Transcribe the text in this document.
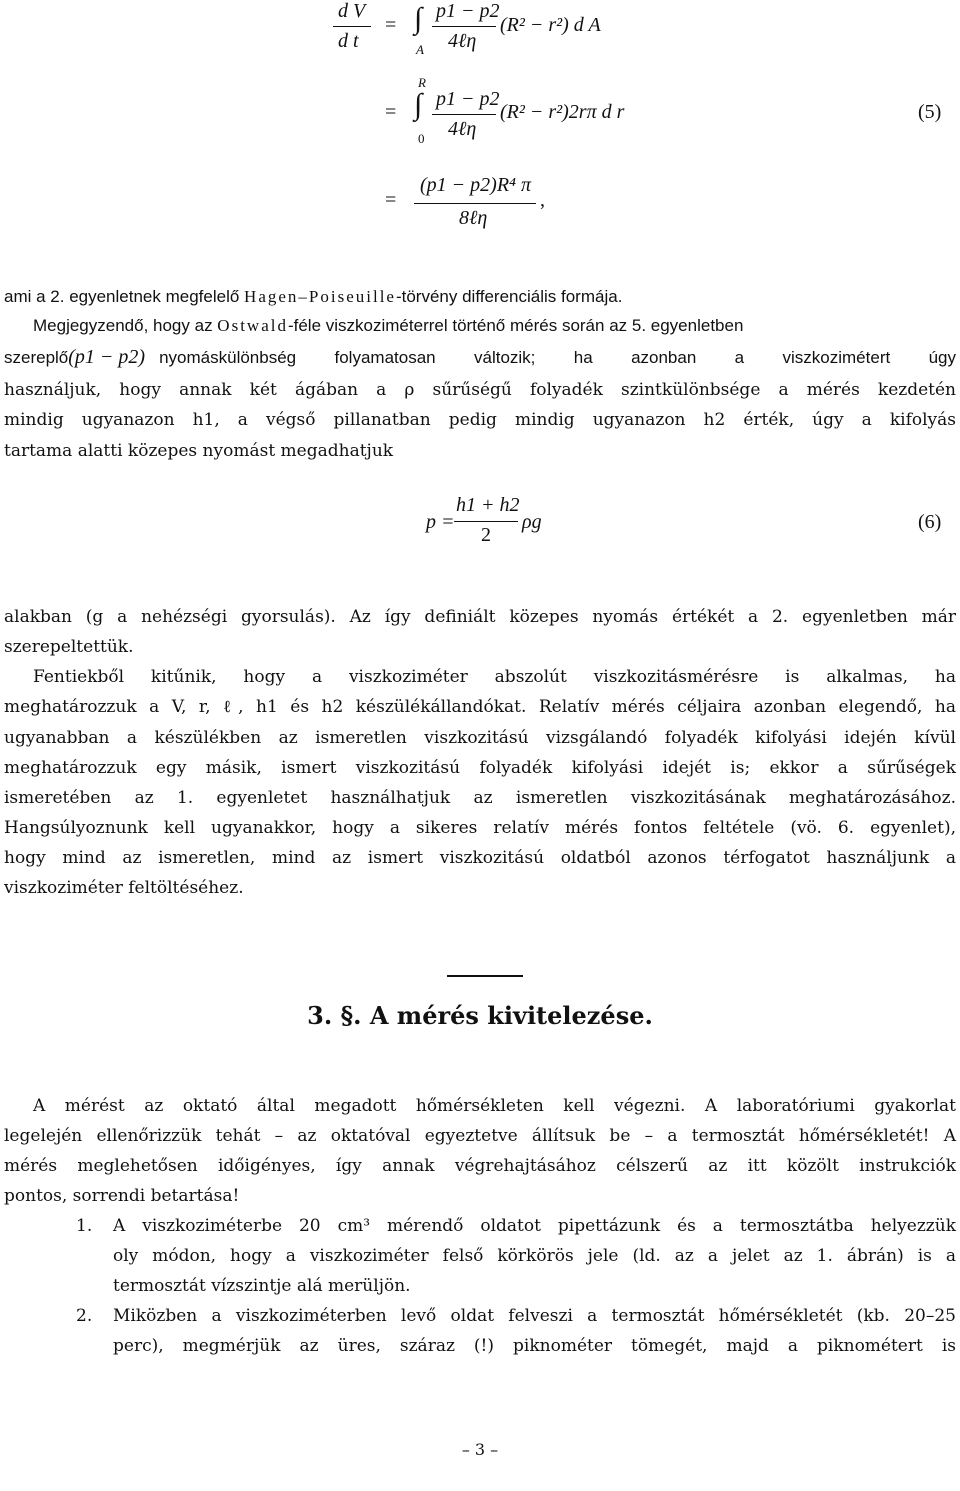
d V
d t
= ∫
A
p1 − p2
4ℓη
(R² − r²) d A
R
= ∫
0
p1 − p2
4ℓη
(R² − r²)2rπ d r	(5)
=
(p1 − p2)R⁴ π
8ℓη
,
ami a 2. egyenletnek megfelelő Hagen–Poiseuille-törvény differenciális formája.
Megjegyzendő, hogy az Ostwald-féle viszkoziméterrel történő mérés során az 5. egyenletben
szereplő (p1 − p2) nyomáskülönbség folyamatosan változik; ha azonban a viszkozimétert úgy
használjuk, hogy annak két ágában a ρ sűrűségű folyadék szintkülönbsége a mérés kezdetén
mindig ugyanazon h1, a végső pillanatban pedig mindig ugyanazon h2 érték, úgy a kifolyás
tartama alatti közepes nyomást megadhatjuk
p =
h1 + h2
2
ρg	(6)
alakban (g a nehézségi gyorsulás). Az így definiált közepes nyomás értékét a 2. egyenletben már
szerepeltettük.
Fentiekből kitűnik, hogy a viszkoziméter abszolút viszkozitásmérésre is alkalmas, ha
meghatározzuk a V, r, ℓ, h1 és h2 készülékállandókat. Relatív mérés céljaira azonban elegendő, ha
ugyanabban a készülékben az ismeretlen viszkozitású vizsgálandó folyadék kifolyási idején kívül
meghatározzuk egy másik, ismert viszkozitású folyadék kifolyási idejét is; ekkor a sűrűségek
ismeretében az 1. egyenletet használhatjuk az ismeretlen viszkozitásának meghatározásához.
Hangsúlyoznunk kell ugyanakkor, hogy a sikeres relatív mérés fontos feltétele (vö. 6. egyenlet),
hogy mind az ismeretlen, mind az ismert viszkozitású oldatból azonos térfogatot használjunk a
viszkoziméter feltöltéséhez.
3. §. A mérés kivitelezése.
A mérést az oktató által megadott hőmérsékleten kell végezni. A laboratóriumi gyakorlat
legelején ellenőrizzük tehát – az oktatóval egyeztetve állítsuk be – a termosztát hőmérsékletét! A
mérés meglehetősen időigényes, így annak végrehajtásához célszerű az itt közölt instrukciók
pontos, sorrendi betartása!
1. A viszkoziméterbe 20 cm³ mérendő oldatot pipettázunk és a termosztátba helyezzük
oly módon, hogy a viszkoziméter felső körkörös jele (ld. az a jelet az 1. ábrán) is a
termosztát vízszintje alá merüljön.
2. Miközben a viszkoziméterben levő oldat felveszi a termosztát hőmérsékletét (kb. 20–25
perc), megmérjük az üres, száraz (!) piknométer tömegét, majd a piknométert is
– 3 –
